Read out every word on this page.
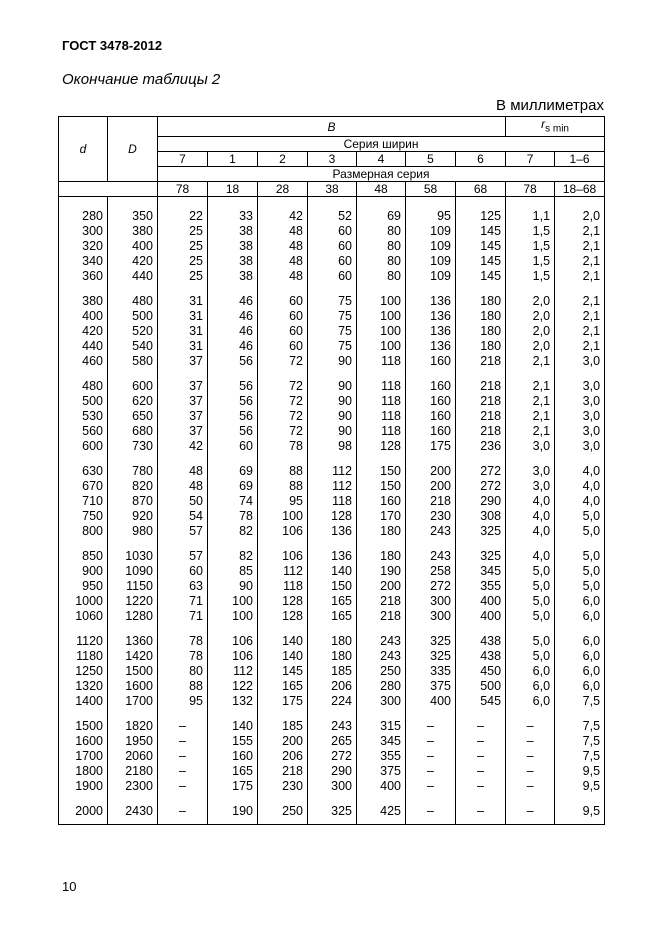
ГОСТ 3478-2012
Окончание таблицы 2
В миллиметрах
d	D	B							$r_{s min}$
		Серия ширин								
		7	1	2	3	4	5	6	7	1–6
		Размерная серия								
		78	18	28	38	48	58	68	78	18–68

280	350	22	33	42	52	69	95	125	1,1	2,0
300	380	25	38	48	60	80	109	145	1,5	2,1
320	400	25	38	48	60	80	109	145	1,5	2,1
340	420	25	38	48	60	80	109	145	1,5	2,1
360	440	25	38	48	60	80	109	145	1,5	2,1

380	480	31	46	60	75	100	136	180	2,0	2,1
400	500	31	46	60	75	100	136	180	2,0	2,1
420	520	31	46	60	75	100	136	180	2,0	2,1
440	540	31	46	60	75	100	136	180	2,0	2,1
460	580	37	56	72	90	118	160	218	2,1	3,0

480	600	37	56	72	90	118	160	218	2,1	3,0
500	620	37	56	72	90	118	160	218	2,1	3,0
530	650	37	56	72	90	118	160	218	2,1	3,0
560	680	37	56	72	90	118	160	218	2,1	3,0
600	730	42	60	78	98	128	175	236	3,0	3,0

630	780	48	69	88	112	150	200	272	3,0	4,0
670	820	48	69	88	112	150	200	272	3,0	4,0
710	870	50	74	95	118	160	218	290	4,0	4,0
750	920	54	78	100	128	170	230	308	4,0	5,0
800	980	57	82	106	136	180	243	325	4,0	5,0

850	1030	57	82	106	136	180	243	325	4,0	5,0
900	1090	60	85	112	140	190	258	345	5,0	5,0
950	1150	63	90	118	150	200	272	355	5,0	5,0
1000	1220	71	100	128	165	218	300	400	5,0	6,0
1060	1280	71	100	128	165	218	300	400	5,0	6,0

1120	1360	78	106	140	180	243	325	438	5,0	6,0
1180	1420	78	106	140	180	243	325	438	5,0	6,0
1250	1500	80	112	145	185	250	335	450	6,0	6,0
1320	1600	88	122	165	206	280	375	500	6,0	6,0
1400	1700	95	132	175	224	300	400	545	6,0	7,5

1500	1820	–	140	185	243	315	–	–	–	7,5
1600	1950	–	155	200	265	345	–	–	–	7,5
1700	2060	–	160	206	272	355	–	–	–	7,5
1800	2180	–	165	218	290	375	–	–	–	9,5
1900	2300	–	175	230	300	400	–	–	–	9,5

2000	2430	–	190	250	325	425	–	–	–	9,5
10
